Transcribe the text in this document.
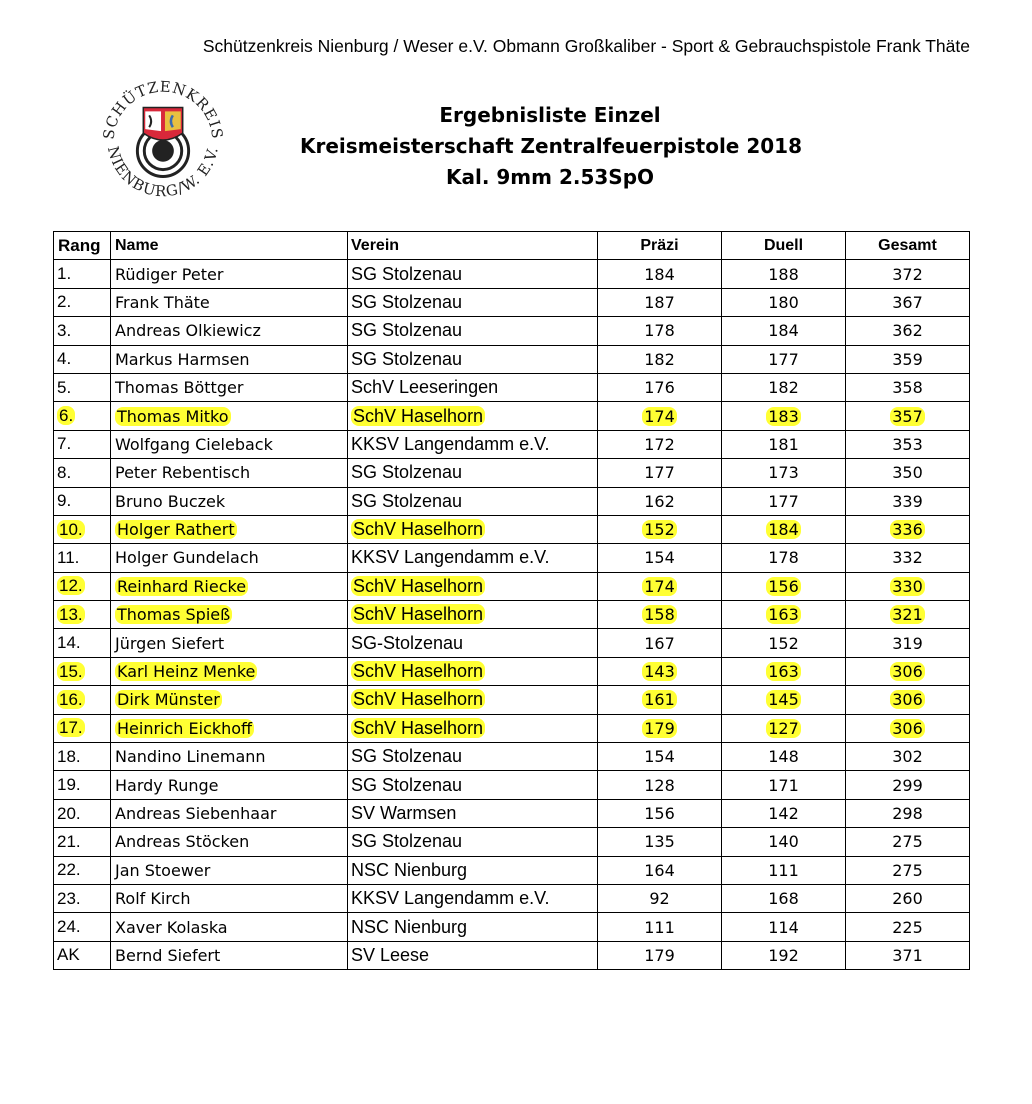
Schützenkreis Nienburg / Weser e.V. Obmann Großkaliber - Sport & Gebrauchspistole Frank Thäte
SCHÜTZENKREIS
NIENBURG/W. E.V.
Ergebnisliste Einzel
Kreismeisterschaft Zentralfeuerpistole 2018
Kal. 9mm 2.53SpO
Rang	Name	Verein	Präzi	Duell	Gesamt
1.	Rüdiger Peter	SG Stolzenau	184	188	372
2.	Frank Thäte	SG Stolzenau	187	180	367
3.	Andreas Olkiewicz	SG Stolzenau	178	184	362
4.	Markus Harmsen	SG Stolzenau	182	177	359
5.	Thomas Böttger	SchV Leeseringen	176	182	358
6.	Thomas Mitko	SchV Haselhorn	174	183	357
7.	Wolfgang Cieleback	KKSV Langendamm e.V.	172	181	353
8.	Peter Rebentisch	SG Stolzenau	177	173	350
9.	Bruno Buczek	SG Stolzenau	162	177	339
10.	Holger Rathert	SchV Haselhorn	152	184	336
11.	Holger Gundelach	KKSV Langendamm e.V.	154	178	332
12.	Reinhard Riecke	SchV Haselhorn	174	156	330
13.	Thomas Spieß	SchV Haselhorn	158	163	321
14.	Jürgen Siefert	SG-Stolzenau	167	152	319
15.	Karl Heinz Menke	SchV Haselhorn	143	163	306
16.	Dirk Münster	SchV Haselhorn	161	145	306
17.	Heinrich Eickhoff	SchV Haselhorn	179	127	306
18.	Nandino Linemann	SG Stolzenau	154	148	302
19.	Hardy Runge	SG Stolzenau	128	171	299
20.	Andreas Siebenhaar	SV Warmsen	156	142	298
21.	Andreas Stöcken	SG Stolzenau	135	140	275
22.	Jan Stoewer	NSC Nienburg	164	111	275
23.	Rolf Kirch	KKSV Langendamm e.V.	92	168	260
24.	Xaver Kolaska	NSC Nienburg	111	114	225
AK	Bernd Siefert	SV Leese	179	192	371
